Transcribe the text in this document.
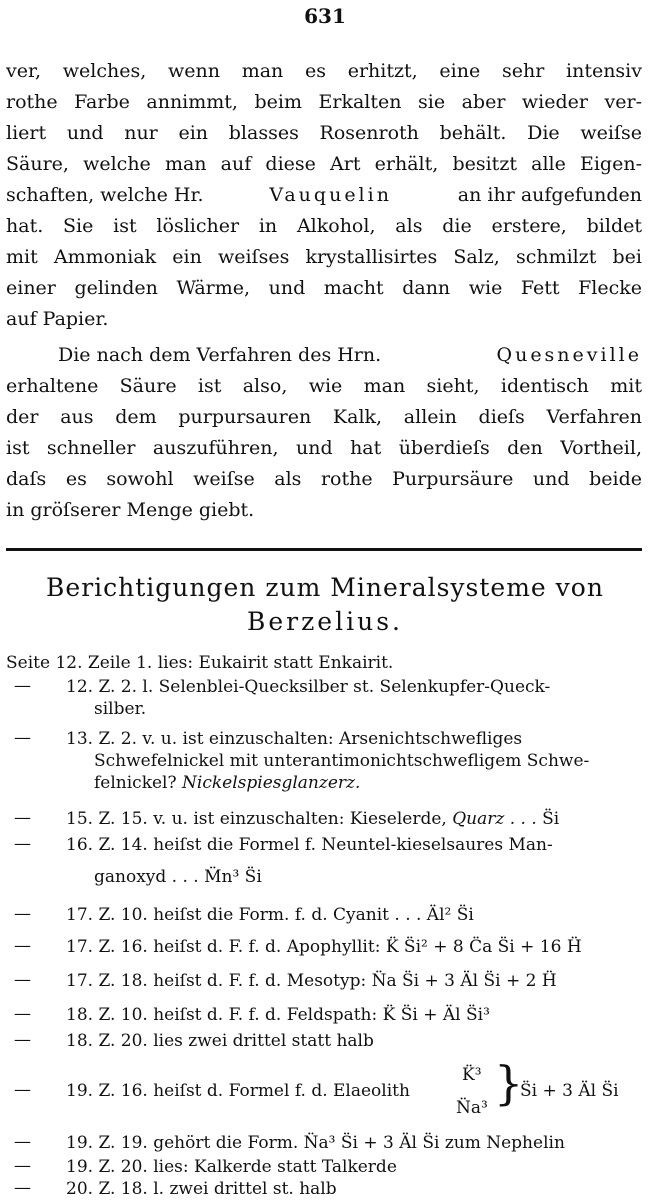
631
ver, welches, wenn man es erhitzt, eine sehr intensiv
rothe Farbe annimmt, beim Erkalten sie aber wieder ver-
liert und nur ein blasses Rosenroth behält. Die weiſse
Säure, welche man auf diese Art erhält, besitzt alle Eigen-
schaften, welche Hr.	Vauquelin	an ihr aufgefunden
hat. Sie ist löslicher in Alkohol, als die erstere, bildet
mit Ammoniak ein weiſses krystallisirtes Salz, schmilzt bei
einer gelinden Wärme, und macht dann wie Fett Flecke
auf Papier.
Die nach dem Verfahren des Hrn.	Quesneville
erhaltene Säure ist also, wie man sieht, identisch mit
der aus dem purpursauren Kalk, allein dieſs Verfahren
ist schneller auszuführen, und hat überdieſs den Vortheil,
daſs es sowohl weiſse als rothe Purpursäure und beide
in gröſserer Menge giebt.
Berichtigungen zum Mineralsysteme von
Berzelius.
Seite 12. Zeile 1. lies: Eukairit statt Enkairit.
— 12. Z. 2. l. Selenblei-Quecksilber st. Selenkupfer-Queck-
silber.
— 13. Z. 2. v. u. ist einzuschalten: Arsenichtschwefliges
Schwefelnickel mit unterantimonichtschwefligem Schwe-
felnickel? Nickelspiesglanzerz.
— 15. Z. 15. v. u. ist einzuschalten: Kieselerde, Quarz . . . S̈i
— 16. Z. 14. heiſst die Formel f. Neuntel-kieselsaures Man-
ganoxyd . . . M̈n³ S̈i
— 17. Z. 10. heiſst die Form. f. d. Cyanit . . . Äl² S̈i
— 17. Z. 16. heiſst d. F. f. d. Apophyllit: K̈ S̈i² + 8 C̈a S̈i + 16 Ḧ
— 17. Z. 18. heiſst d. F. f. d. Mesotyp: N̈a S̈i + 3 Äl S̈i + 2 Ḧ
— 18. Z. 10. heiſst d. F. f. d. Feldspath: K̈ S̈i + Äl S̈i³
— 18. Z. 20. lies zwei drittel statt halb
— 19. Z. 16. heiſst d. Formel f. d. Elaeolith
K̈³
N̈a³ }
S̈i + 3 Äl S̈i
— 19. Z. 19. gehört die Form. N̈a³ S̈i + 3 Äl S̈i zum Nephelin
— 19. Z. 20. lies: Kalkerde statt Talkerde
— 20. Z. 18. l. zwei drittel st. halb
